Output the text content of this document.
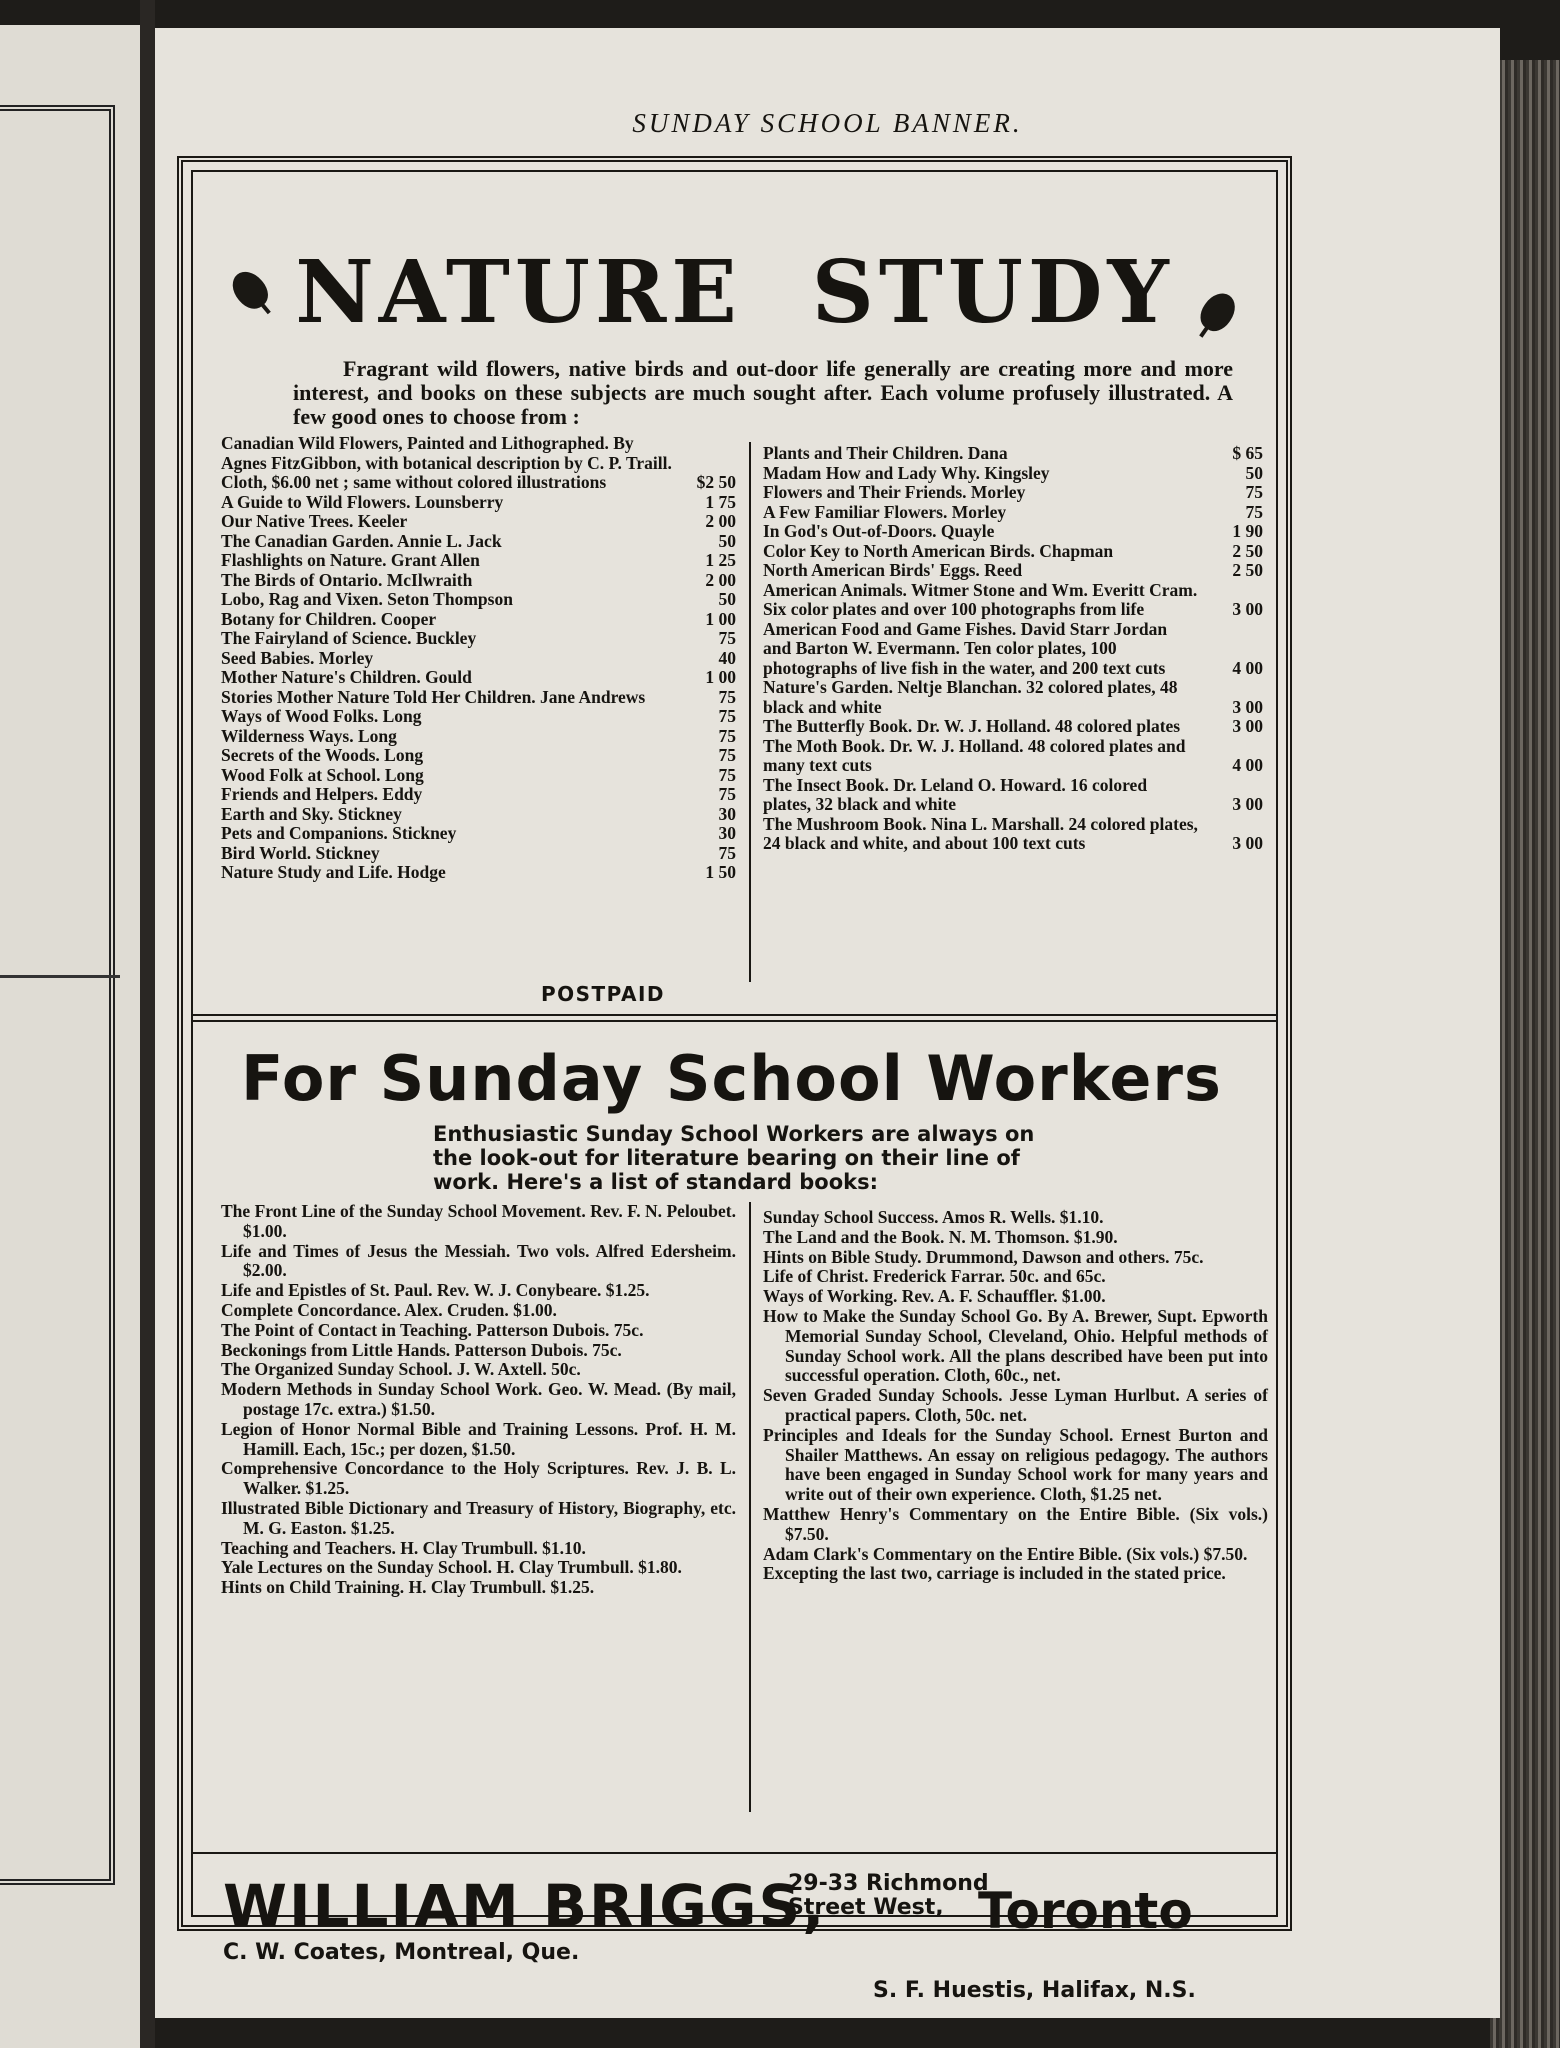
SUNDAY SCHOOL BANNER.
NATURE  STUDY
Fragrant wild flowers, native birds and out-door life generally are creating more and more interest, and books on these subjects are much sought after. Each volume profusely illustrated. A few good ones to choose from :
Canadian Wild Flowers, Painted and Lithographed. By Agnes FitzGibbon, with botanical description by C. P. Traill. Cloth, $6.00 net ; same without colored illustrations	$2 50
A Guide to Wild Flowers. Lounsberry	1 75
Our Native Trees. Keeler	2 00
The Canadian Garden. Annie L. Jack	50
Flashlights on Nature. Grant Allen	1 25
The Birds of Ontario. McIlwraith	2 00
Lobo, Rag and Vixen. Seton Thompson	50
Botany for Children. Cooper	1 00
The Fairyland of Science. Buckley	75
Seed Babies. Morley	40
Mother Nature's Children. Gould	1 00
Stories Mother Nature Told Her Children. Jane Andrews	75
Ways of Wood Folks. Long	75
Wilderness Ways. Long	75
Secrets of the Woods. Long	75
Wood Folk at School. Long	75
Friends and Helpers. Eddy	75
Earth and Sky. Stickney	30
Pets and Companions. Stickney	30
Bird World. Stickney	75
Nature Study and Life. Hodge	1 50
Plants and Their Children. Dana	$ 65
Madam How and Lady Why. Kingsley	50
Flowers and Their Friends. Morley	75
A Few Familiar Flowers. Morley	75
In God's Out-of-Doors. Quayle	1 90
Color Key to North American Birds. Chapman	2 50
North American Birds' Eggs. Reed	2 50
American Animals. Witmer Stone and Wm. Everitt Cram. Six color plates and over 100 photographs from life	3 00
American Food and Game Fishes. David Starr Jordan and Barton W. Evermann. Ten color plates, 100 photographs of live fish in the water, and 200 text cuts	4 00
Nature's Garden. Neltje Blanchan. 32 colored plates, 48 black and white	3 00
The Butterfly Book. Dr. W. J. Holland. 48 colored plates	3 00
The Moth Book. Dr. W. J. Holland. 48 colored plates and many text cuts	4 00
The Insect Book. Dr. Leland O. Howard. 16 colored plates, 32 black and white	3 00
The Mushroom Book. Nina L. Marshall. 24 colored plates, 24 black and white, and about 100 text cuts	3 00
POSTPAID
For Sunday School Workers
Enthusiastic Sunday School Workers are always on the look-out for literature bearing on their line of work. Here's a list of standard books:
The Front Line of the Sunday School Movement. Rev. F. N. Peloubet. $1.00.
Life and Times of Jesus the Messiah. Two vols. Alfred Edersheim. $2.00.
Life and Epistles of St. Paul. Rev. W. J. Conybeare. $1.25.
Complete Concordance. Alex. Cruden. $1.00.
The Point of Contact in Teaching. Patterson Dubois. 75c.
Beckonings from Little Hands. Patterson Dubois. 75c.
The Organized Sunday School. J. W. Axtell. 50c.
Modern Methods in Sunday School Work. Geo. W. Mead. (By mail, postage 17c. extra.) $1.50.
Legion of Honor Normal Bible and Training Lessons. Prof. H. M. Hamill. Each, 15c.; per dozen, $1.50.
Comprehensive Concordance to the Holy Scriptures. Rev. J. B. L. Walker. $1.25.
Illustrated Bible Dictionary and Treasury of History, Biography, etc. M. G. Easton. $1.25.
Teaching and Teachers. H. Clay Trumbull. $1.10.
Yale Lectures on the Sunday School. H. Clay Trumbull. $1.80.
Hints on Child Training. H. Clay Trumbull. $1.25.
Sunday School Success. Amos R. Wells. $1.10.
The Land and the Book. N. M. Thomson. $1.90.
Hints on Bible Study. Drummond, Dawson and others. 75c.
Life of Christ. Frederick Farrar. 50c. and 65c.
Ways of Working. Rev. A. F. Schauffler. $1.00.
How to Make the Sunday School Go. By A. Brewer, Supt. Epworth Memorial Sunday School, Cleveland, Ohio. Helpful methods of Sunday School work. All the plans described have been put into successful operation. Cloth, 60c., net.
Seven Graded Sunday Schools. Jesse Lyman Hurlbut. A series of practical papers. Cloth, 50c. net.
Principles and Ideals for the Sunday School. Ernest Burton and Shailer Matthews. An essay on religious pedagogy. The authors have been engaged in Sunday School work for many years and write out of their own experience. Cloth, $1.25 net.
Matthew Henry's Commentary on the Entire Bible. (Six vols.) $7.50.
Adam Clark's Commentary on the Entire Bible. (Six vols.) $7.50.
Excepting the last two, carriage is included in the stated price.
WILLIAM BRIGGS,
29-33 Richmond
Street West, Toronto
C. W. Coates, Montreal, Que.
S. F. Huestis, Halifax, N.S.
